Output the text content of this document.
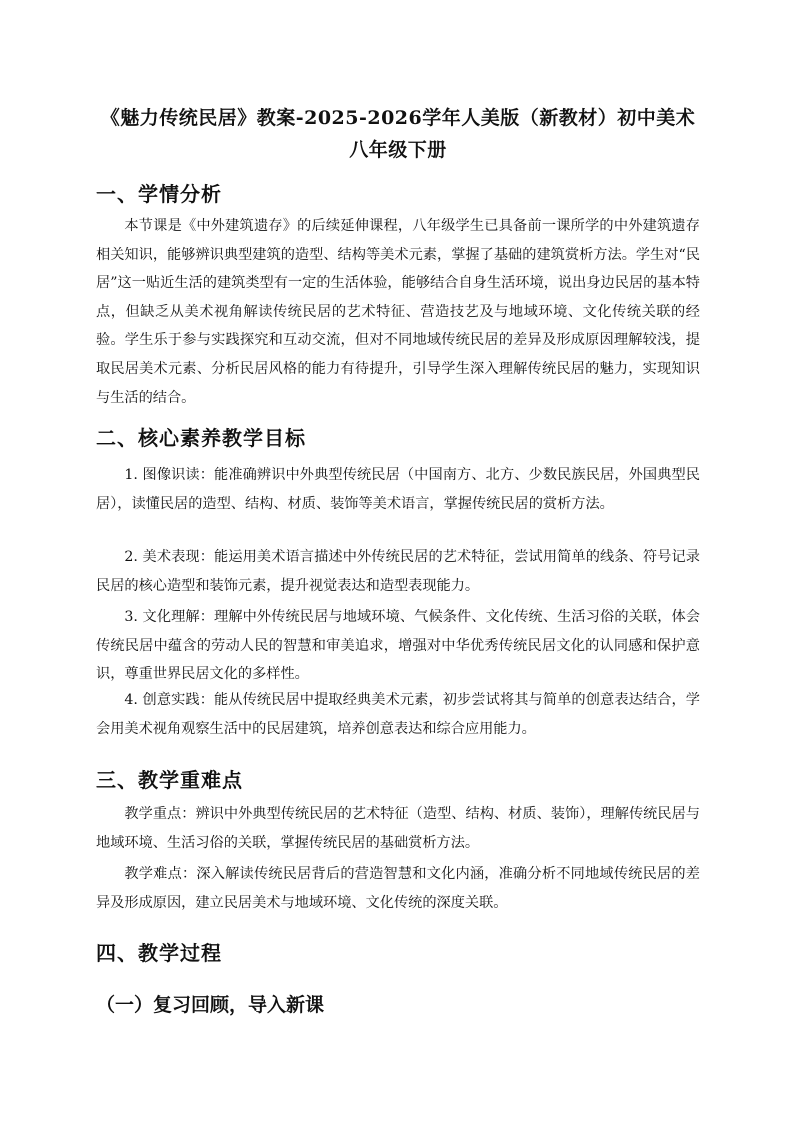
《魅力传统民居》教案-2025-2026学年人美版（新教材）初中美术八年级下册
一、学情分析

本节课是《中外建筑遗存》的后续延伸课程，八年级学生已具备前一课所学的中外建筑遗存相关知识，能够辨识典型建筑的造型、结构等美术元素，掌握了基础的建筑赏析方法。学生对“民居”这一贴近生活的建筑类型有一定的生活体验，能够结合自身生活环境，说出身边民居的基本特点，但缺乏从美术视角解读传统民居的艺术特征、营造技艺及与地域环境、文化传统关联的经验。学生乐于参与实践探究和互动交流，但对不同地域传统民居的差异及形成原因理解较浅，提取民居美术元素、分析民居风格的能力有待提升，引导学生深入理解传统民居的魅力，实现知识与生活的结合。

二、核心素养教学目标

1. 图像识读：能准确辨识中外典型传统民居（中国南方、北方、少数民族民居，外国典型民居），读懂民居的造型、结构、材质、装饰等美术语言，掌握传统民居的赏析方法。

2. 美术表现：能运用美术语言描述中外传统民居的艺术特征，尝试用简单的线条、符号记录民居的核心造型和装饰元素，提升视觉表达和造型表现能力。

3. 文化理解：理解中外传统民居与地域环境、气候条件、文化传统、生活习俗的关联，体会传统民居中蕴含的劳动人民的智慧和审美追求，增强对中华优秀传统民居文化的认同感和保护意识，尊重世界民居文化的多样性。

4. 创意实践：能从传统民居中提取经典美术元素，初步尝试将其与简单的创意表达结合，学会用美术视角观察生活中的民居建筑，培养创意表达和综合应用能力。

三、教学重难点

教学重点：辨识中外典型传统民居的艺术特征（造型、结构、材质、装饰），理解传统民居与地域环境、生活习俗的关联，掌握传统民居的基础赏析方法。

教学难点：深入解读传统民居背后的营造智慧和文化内涵，准确分析不同地域传统民居的差异及形成原因，建立民居美术与地域环境、文化传统的深度关联。

四、教学过程
（一）复习回顾，导入新课
